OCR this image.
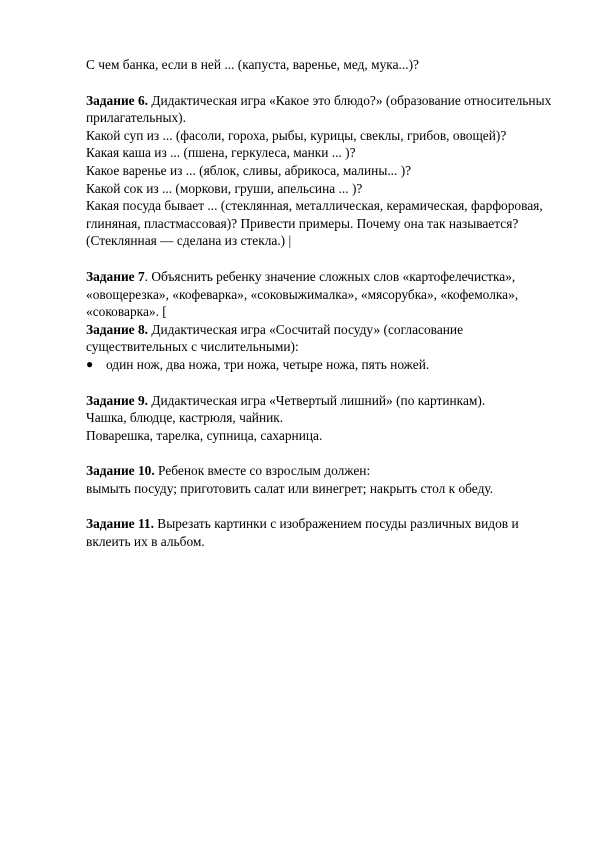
С чем банка, если в ней ... (капуста, варенье, мед, мука...)?

Задание 6. Дидактическая игра «Какое это блюдо?» (образование относительных прилагательных).

Какой суп из ... (фасоли, гороха, рыбы, курицы, свеклы, грибов, овощей)?

Какая каша из ... (пшена, геркулеса, манки ... )?

Какое варенье из ... (яблок, сливы, абрикоса, малины... )?

Какой сок из ... (моркови, груши, апельсина ... )?

Какая посуда бывает ... (стеклянная, металлическая, керамическая, фарфоровая, глиняная, пластмассовая)? Привести примеры. Почему она так называется? (Стеклянная — сделана из стекла.) |

Задание 7. Объяснить ребенку значение сложных слов «картофелечистка», «овощерезка», «кофеварка», «соковыжималка», «мясорубка», «кофемолка», «соковарка». [

Задание 8. Дидактическая игра «Сосчитай посуду» (согласование существительных с числительными):

● один нож, два ножа, три ножа, четыре ножа, пять ножей.

Задание 9. Дидактическая игра «Четвертый лишний» (по картинкам).

Чашка, блюдце, кастрюля, чайник.

Поварешка, тарелка, супница, сахарница.

Задание 10. Ребенок вместе со взрослым должен:

вымыть посуду; приготовить салат или винегрет; накрыть стол к обеду.

Задание 11. Вырезать картинки с изображением посуды различных видов и вклеить их в альбом.
